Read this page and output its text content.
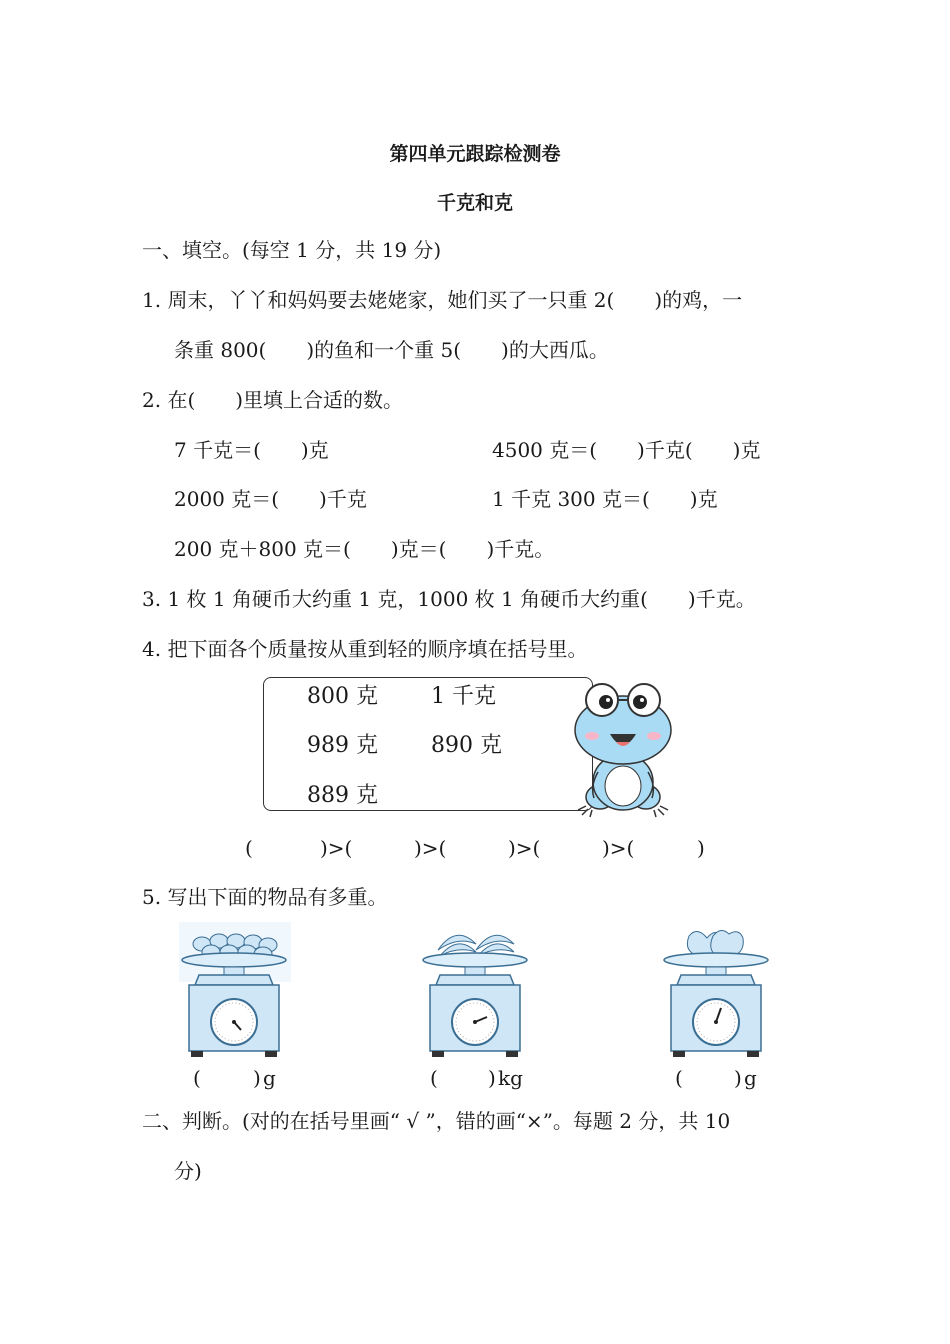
第四单元跟踪检测卷
千克和克
一、填空。(每空 1 分，共 19 分)
1. 周末，丫丫和妈妈要去姥姥家，她们买了一只重 2(　　)的鸡，一
条重 800(　　)的鱼和一个重 5(　　)的大西瓜。
2. 在(　　)里填上合适的数。
7 千克＝(　　)克	4500 克＝(　　)千克(　　)克
2000 克＝(　　)千克	1 千克 300 克＝(　　)克
200 克＋800 克＝(　　)克＝(　　)千克。
3. 1 枚 1 角硬币大约重 1 克，1000 枚 1 角硬币大约重(　　)千克。
4. 把下面各个质量按从重到轻的顺序填在括号里。
800 克 1 千克
989 克 890 克
889 克
(	)>(	)>(	)>(	)>(	)
5. 写出下面的物品有多重。
(	) g	(	) kg	(	) g
二、判断。(对的在括号里画“ √ ”，错的画“×”。每题 2 分，共 10
分)
